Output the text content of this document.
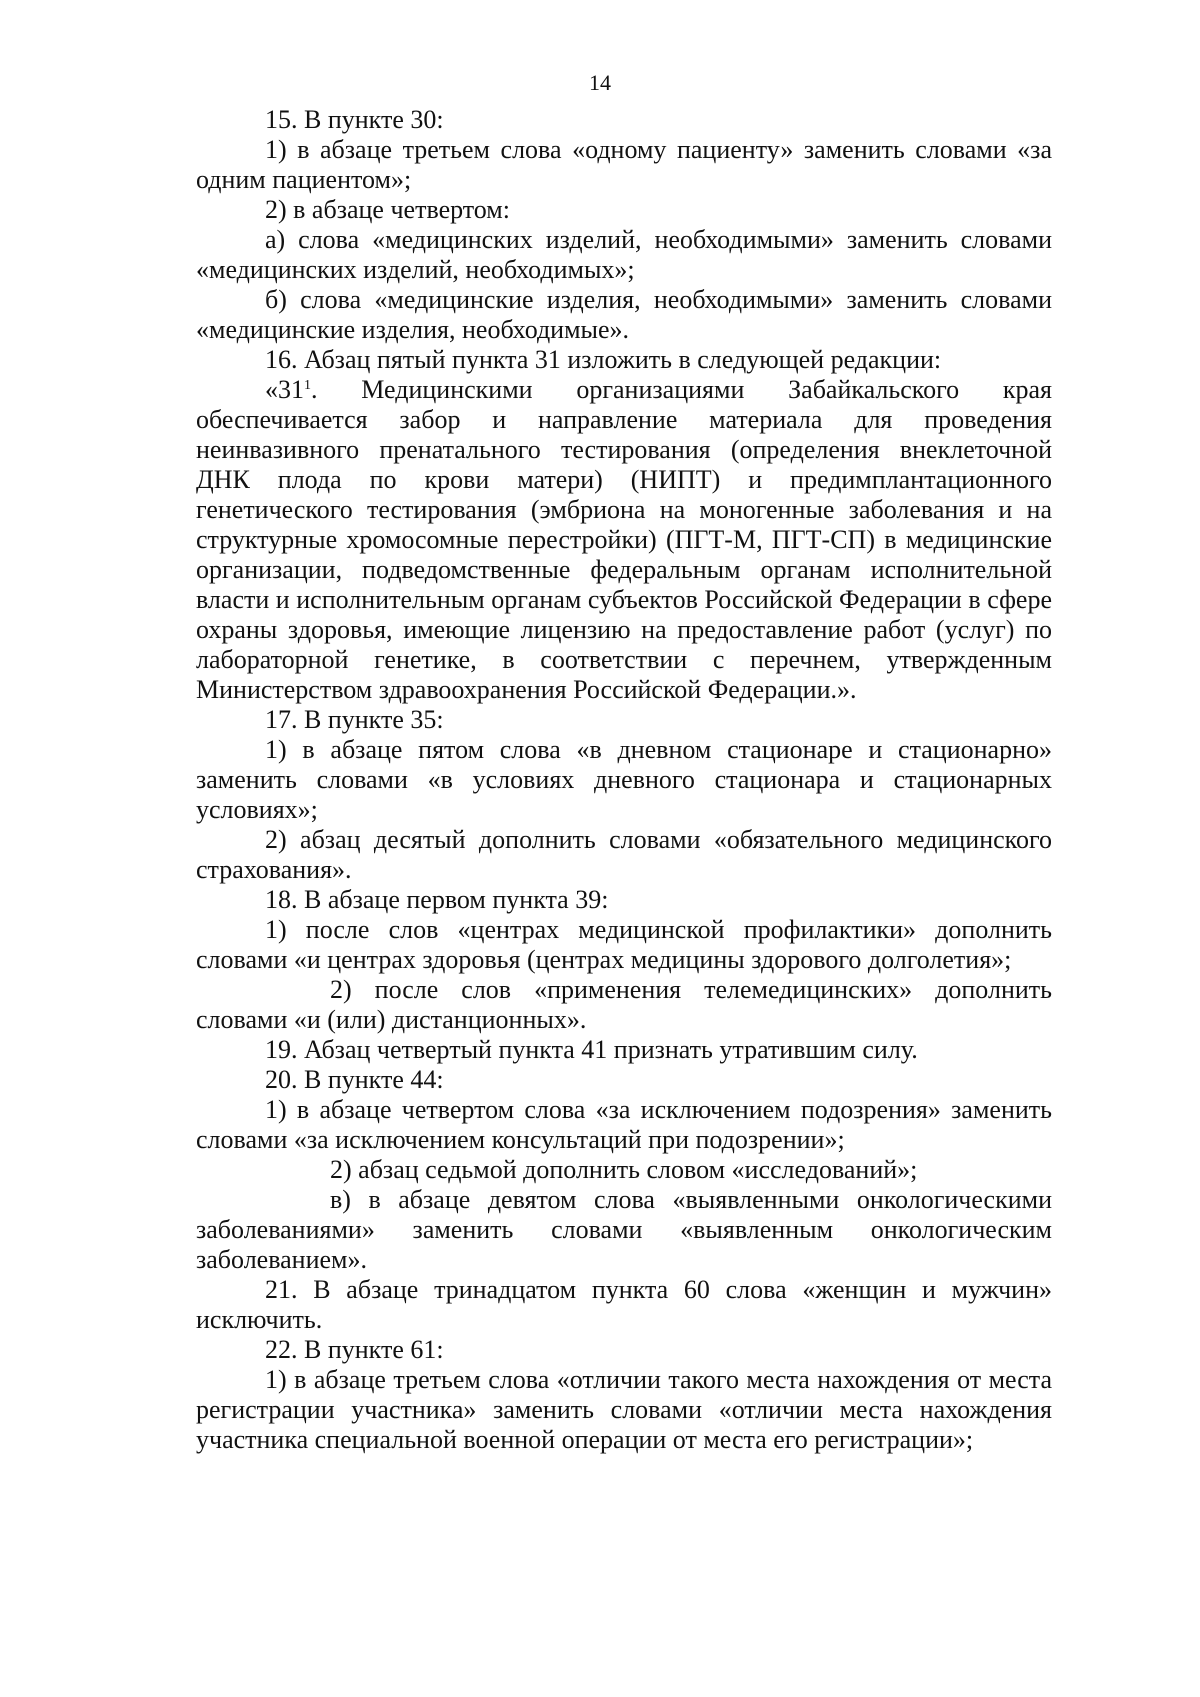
14

15. В пункте 30:

1) в абзаце третьем слова «одному пациенту» заменить словами «за одним пациентом»;

2) в абзаце четвертом:

а) слова «медицинских изделий, необходимыми» заменить словами «медицинских изделий, необходимых»;

б) слова «медицинские изделия, необходимыми» заменить словами «медицинские изделия, необходимые».

16. Абзац пятый пункта 31 изложить в следующей редакции:

«$31^1$. Медицинскими организациями Забайкальского края обеспечивается забор и направление материала для проведения неинвазивного пренатального тестирования (определения внеклеточной ДНК плода по крови матери) (НИПТ) и предимплантационного генетического тестирования (эмбриона на моногенные заболевания и на структурные хромосомные перестройки) (ПГТ-М, ПГТ-СП) в медицинские организации, подведомственные федеральным органам исполнительной власти и исполнительным органам субъектов Российской Федерации в сфере охраны здоровья, имеющие лицензию на предоставление работ (услуг) по лабораторной генетике, в соответствии с перечнем, утвержденным Министерством здравоохранения Российской Федерации.».

17. В пункте 35:

1) в абзаце пятом слова «в дневном стационаре и стационарно» заменить словами «в условиях дневного стационара и стационарных условиях»;

2) абзац десятый дополнить словами «обязательного медицинского страхования».

18. В абзаце первом пункта 39:

1) после слов «центрах медицинской профилактики» дополнить словами «и центрах здоровья (центрах медицины здорового долголетия»;

2) после слов «применения телемедицинских» дополнить словами «и (или) дистанционных».

19. Абзац четвертый пункта 41 признать утратившим силу.

20. В пункте 44:

1) в абзаце четвертом слова «за исключением подозрения» заменить словами «за исключением консультаций при подозрении»;

2) абзац седьмой дополнить словом «исследований»;

в) в абзаце девятом слова «выявленными онкологическими заболеваниями» заменить словами «выявленным онкологическим заболеванием».

21. В абзаце тринадцатом пункта 60 слова «женщин и мужчин» исключить.

22. В пункте 61:

1) в абзаце третьем слова «отличии такого места нахождения от места регистрации участника» заменить словами «отличии места нахождения участника специальной военной операции от места его регистрации»;
